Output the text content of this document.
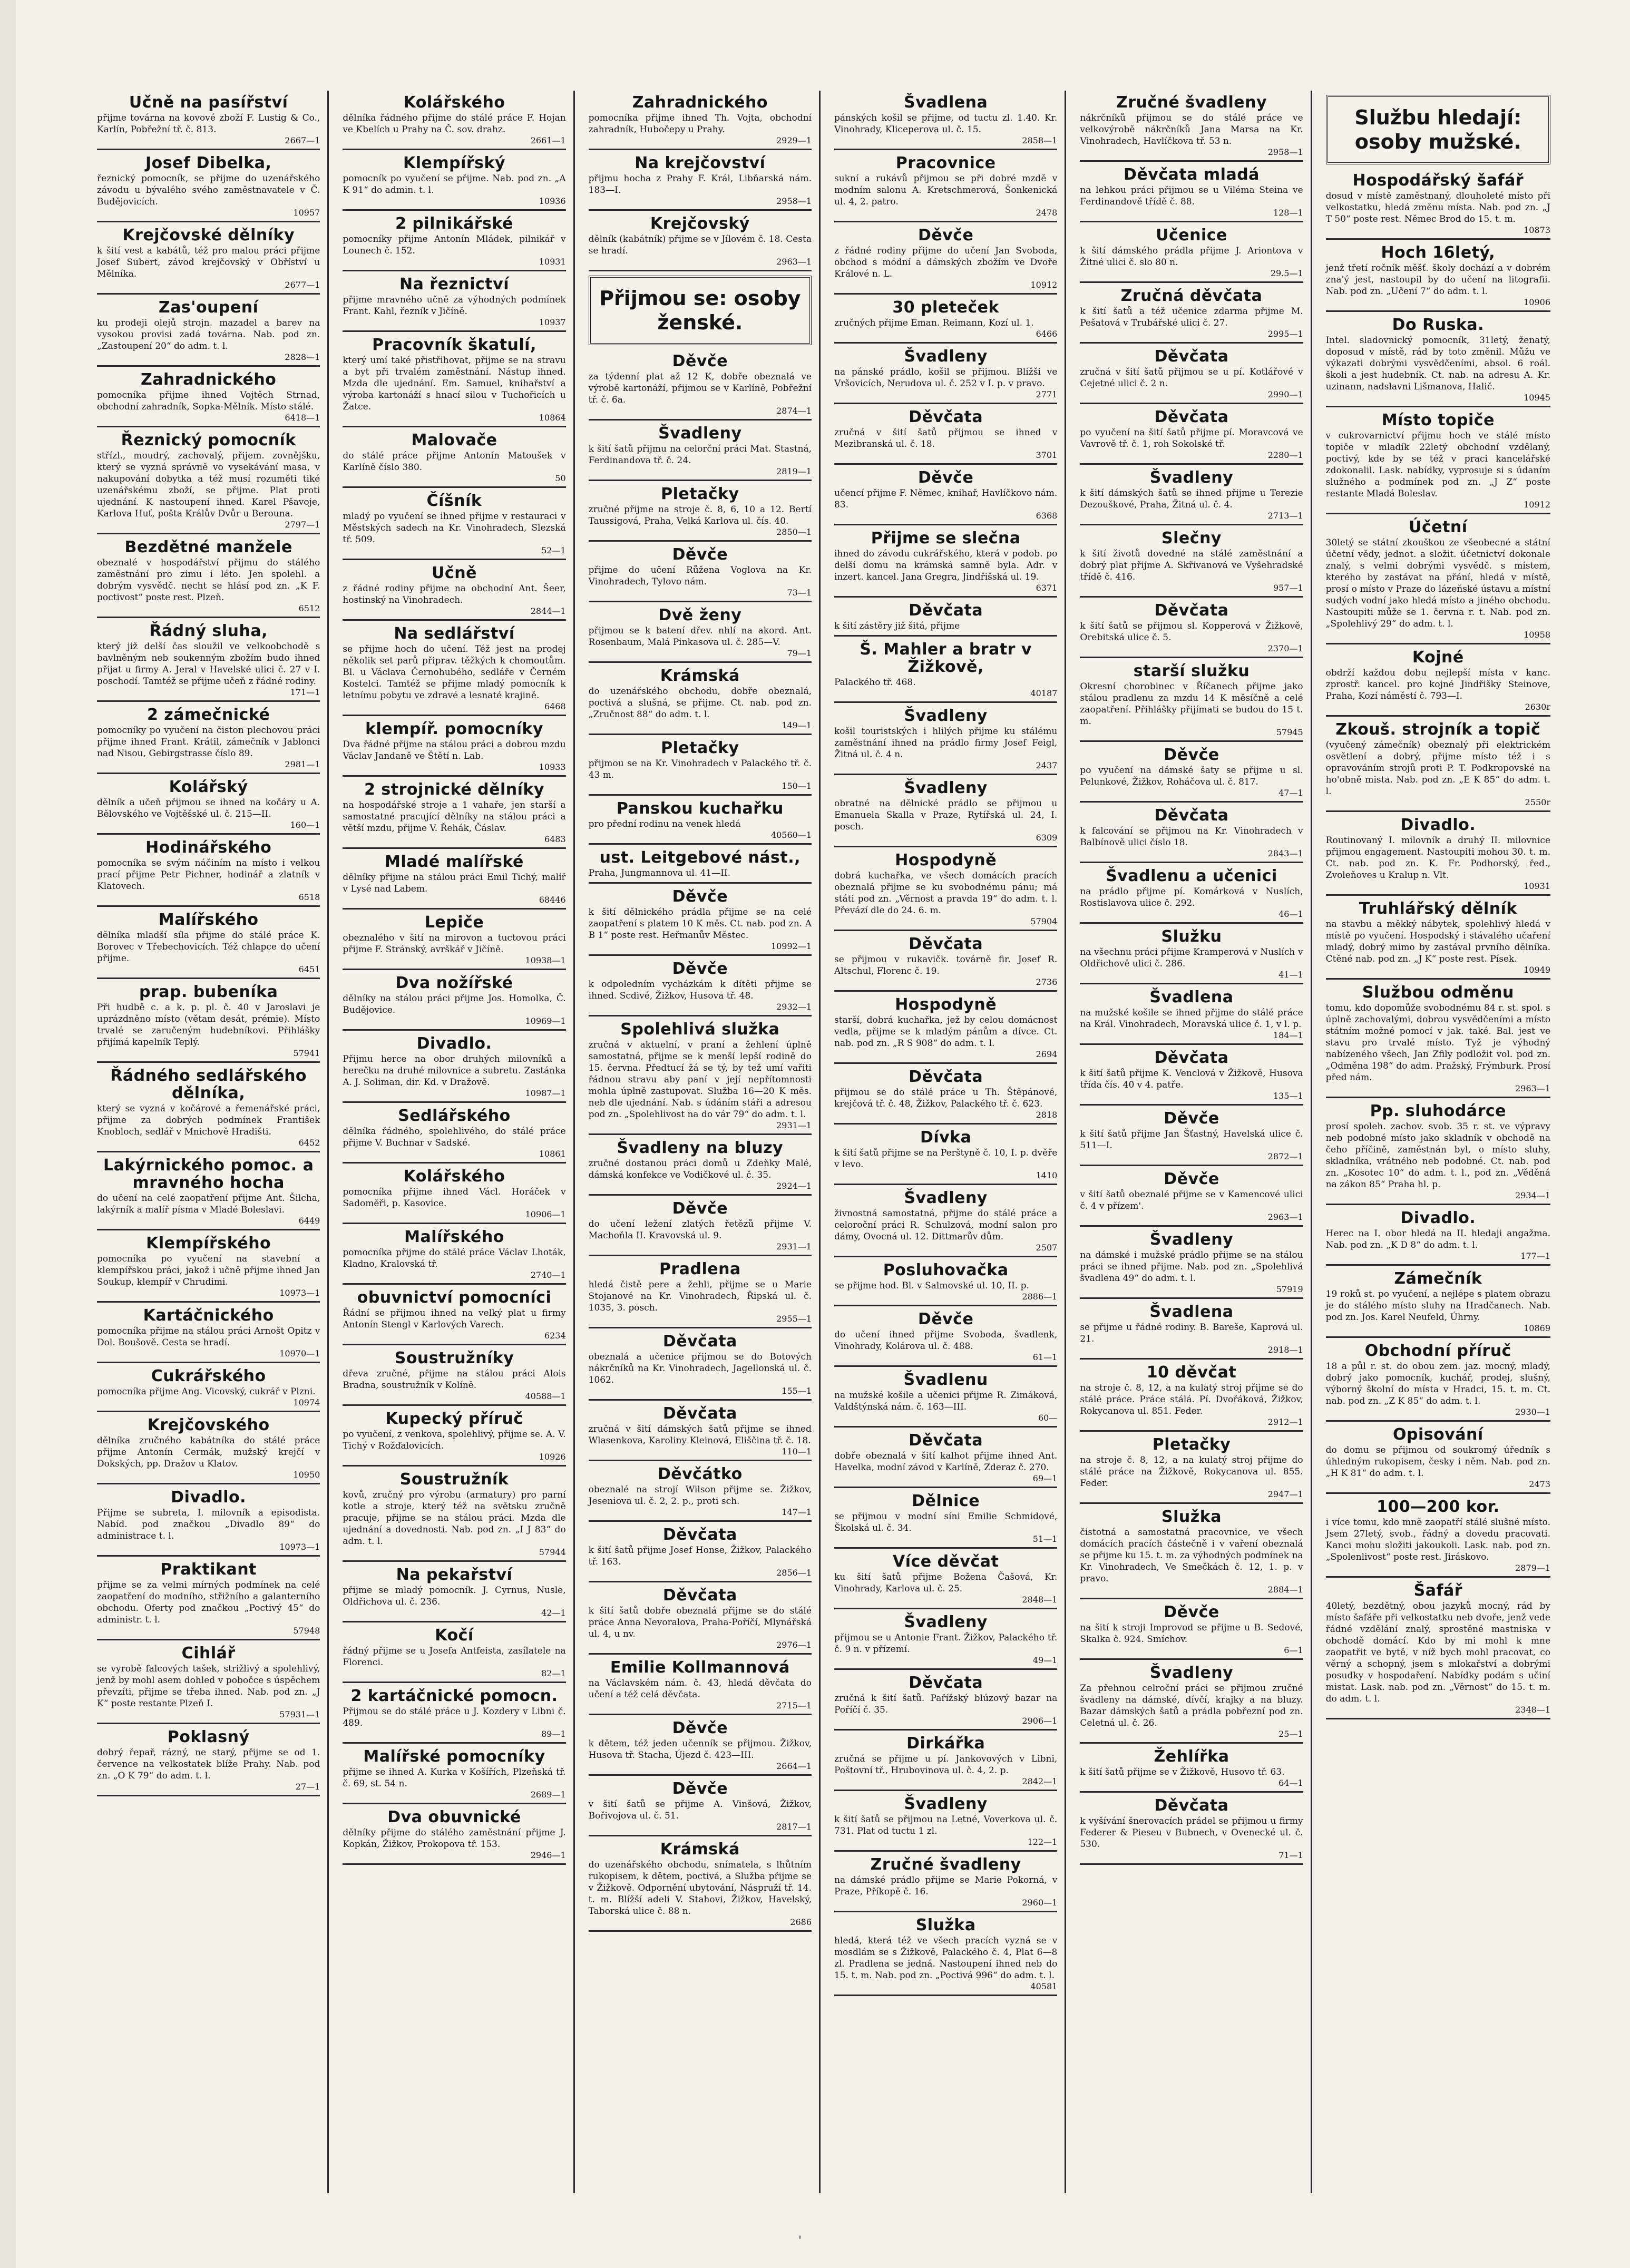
Učně na pasířství

přijme továrna na kovové zboží F. Lustig & Co., Karlín, Pobřežní tř. č. 813.

2667—1
Josef Dibelka,

řeznický pomocník, se přijme do uzenářského závodu u bývalého svého zaměstnavatele v Č. Budějovicích.

10957
Krejčovské dělníky

k šití vest a kabátů, též pro malou práci přijme Josef Subert, závod krejčovský v Obříství u Mělníka.

2677—1
Zas'oupení

ku prodeji olejů strojn. mazadel a barev na vysokou provisi zadá továrna. Nab. pod zn. „Zastoupení 20“ do adm. t. l.

2828—1
Zahradnického

pomocníka přijme ihned Vojtěch Strnad, obchodní zahradník, Sopka-Mělník. Místo stálé.

6418—1
Řeznický pomocník

střízl., moudrý, zachovalý, přijem. zovnějšku, který se vyzná správně vo vysekávání masa, v nakupování dobytka a též musí rozuměti tiké uzenářskému zboží, se přijme. Plat proti ujednání. K nastoupení ihned. Karel Pšavoje, Karlova Huť, pošta Králův Dvůr u Berouna.

2797—1
Bezdětné manžele

obeznalé v hospodářství přijmu do stálého zaměstnání pro zimu i léto. Jen spolehl. a dobrým vysvědč. necht se hlásí pod zn. „K F. poctivost“ poste rest. Plzeň.

6512
Řádný sluha,

který již delší čas sloužil ve velkoobchodě s bavlněným neb soukenným zbožím budo ihned přijat u firmy A. Jeral v Havelské ulici č. 27 v I. poschodí. Tamtéž se přijme učeň z řádné rodiny.

171—1
2 zámečnické

pomocníky po vyučení na čiston plechovou práci přijme ihned Frant. Krátil, zámečník v Jablonci nad Nisou, Gebirgstrasse číslo 89.

2981—1
Kolářský

dělník a učeň přijmou se ihned na kočáry u A. Bělovského ve Vojtěšské ul. č. 215—II.

160—1
Hodinářského

pomocníka se svým náčiním na místo i velkou prací přijme Petr Pichner, hodinář a zlatník v Klatovech.

6518
Malířského

dělníka mladší síla přijme do stálé práce K. Borovec v Třebechovicích. Též chlapce do učení přijme.

6451
prap. bubeníka

Při hudbě c. a k. p. pl. č. 40 v Jaroslavi je uprázdněno místo (větam desát, prémie). Místo trvalé se zaručeným hudebníkovi. Přihlášky přijímá kapelník Teplý.

57941
Řádného sedlářského dělníka,

který se vyzná v kočárové a řemenářské práci, přijme za dobrých podmínek František Knobloch, sedlář v Mnichově Hradišti.

6452
Lakýrnického pomoc. a mravného hocha

do učení na celé zaopatření přijme Ant. Šilcha, lakýrník a malíř písma v Mladé Boleslavi.

6449
Klempířského

pomocníka po vyučení na stavební a klempířskou práci, jakož i učně přijme ihned Jan Soukup, klempíř v Chrudimi.

10973—1
Kartáčnického

pomocníka přijme na stálou práci Arnošt Opitz v Dol. Boušově. Cesta se hradí.

10970—1
Cukrářského

pomocníka přijme Ang. Vicovský, cukrář v Plzni.

10974
Krejčovského

dělníka zručného kabátníka do stálé práce přijme Antonín Cermák, mužský krejčí v Dokských, pp. Dražov u Klatov.

10950
Divadlo.

Přijme se subreta, I. milovník a episodista. Nabíd. pod značkou „Divadlo 89“ do administrace t. l.

10973—1
Praktikant

přijme se za velmi mírných podmínek na celé zaopatření do modního, střižního a galanterního obchodu. Oferty pod značkou „Poctivý 45“ do administr. t. l.

57948
Cihlář

se vyrobě falcových tašek, strižlivý a spolehlivý, jenž by mohl asem dohled v pobočce s úspěchem převzíti, přijme se třeba ihned. Nab. pod zn. „J K“ poste restante Plzeň I.

57931—1
Poklasný

dobrý řepař, rázný, ne starý, přijme se od 1. července na velkostatek blíže Prahy. Nab. pod zn. „O K 79“ do adm. t. l.

27—1
Kolářského

dělníka řádného přijme do stálé práce F. Hojan ve Kbelích u Prahy na Č. sov. drahz.

2661—1
Klempířský

pomocník po vyučení se přijme. Nab. pod zn. „A K 91“ do admin. t. l.

10936
2 pilnikářské

pomocníky přijme Antonín Mládek, pilnikář v Lounech č. 152.

10931
Na řeznictví

přijme mravného učně za výhodných podmínek Frant. Kahl, řezník v Jičíně.

10937
Pracovník škatulí,

který umí také přistřihovat, přijme se na stravu a byt při trvalém zaměstnání. Nástup ihned. Mzda dle ujednání. Em. Samuel, knihařství a výroba kartonáží s hnací silou v Tuchořicích u Žatce.

10864
Malovače

do stálé práce přijme Antonín Matoušek v Karlíně číslo 380.

50
Číšník

mladý po vyučení se ihned přijme v restauraci v Městských sadech na Kr. Vinohradech, Slezská tř. 509.

52—1
Učně

z řádné rodiny přijme na obchodní Ant. Šeer, hostinský na Vinohradech.

2844—1
Na sedlářství

se přijme hoch do učení. Též jest na prodej několik set parů připrav. těžkých k chomoutům. Bl. u Václava Černohubého, sedláře v Černém Kostelci. Tamtéž se přijme mladý pomocník k letnímu pobytu ve zdravé a lesnaté krajině.

6468
klempíř. pomocníky

Dva řádné přijme na stálou práci a dobrou mzdu Václav Jandaně ve Štětí n. Lab.

10933
2 strojnické dělníky

na hospodářské stroje a 1 vahaře, jen starší a samostatné pracující dělníky na stálou práci a větší mzdu, přijme V. Řehák, Čáslav.

6483
Mladé malířské

dělníky přijme na stálou práci Emil Tichý, malíř v Lysé nad Labem.

68446
Lepiče

obeznalého v šití na mirovon a tuctovou práci přijme F. Stránský, avrškář v Jičíně.

10938—1
Dva nožířské

dělníky na stálou práci přijme Jos. Homolka, Č. Budějovice.

10969—1
Divadlo.

Přijmu herce na obor druhých milovníků a herečku na druhé milovnice a subretu. Zastánka A. J. Soliman, dir. Kd. v Dražově.

10987—1
Sedlářského

dělníka řádného, spolehlivého, do stálé práce přijme V. Buchnar v Sadské.

10861
Kolářského

pomocníka přijme ihned Václ. Horáček v Sadoměři, p. Kasovice.

10906—1
Malířského

pomocníka přijme do stálé práce Václav Lhoták, Kladno, Kralovská tř.

2740—1
obuvnictví pomocníci

Řádní se přijmou ihned na velký plat u firmy Antonín Stengl v Karlových Varech.

6234
Soustružníky

dřeva zručné, přijme na stálou práci Alois Bradna, soustružník v Kolíně.

40588—1
Kupecký příruč

po vyučení, z venkova, spolehlivý, přijme se. A. V. Tichý v Rožďalovicích.

10926
Soustružník

kovů, zručný pro výrobu (armatury) pro parní kotle a stroje, který též na světsku zručně pracuje, přijme se na stálou práci. Mzda dle ujednání a dovednosti. Nab. pod zn. „I J 83“ do adm. t. l.

57944
Na pekařství

přijme se mladý pomocník. J. Cyrnus, Nusle, Oldřichova ul. č. 236.

42—1
Kočí

řádný přijme se u Josefa Antfeista, zasílatele na Florenci.

82—1
2 kartáčnické pomocn.

Přijmou se do stálé práce u J. Kozdery v Libni č. 489.

89—1
Malířské pomocníky

přijme se ihned A. Kurka v Košířích, Plzeňská tř. č. 69, st. 54 n.

2689—1
Dva obuvnické

dělníky přijme do stálého zaměstnání přijme J. Kopkán, Žižkov, Prokopova tř. 153.

2946—1
Zahradnického

pomocníka přijme ihned Th. Vojta, obchodní zahradník, Hubočepy u Prahy.

2929—1
Na krejčovství

přijmu hocha z Prahy F. Král, Libňarská nám. 183—I.

2958—1
Krejčovský

dělník (kabátník) přijme se v Jílovém č. 18. Cesta se hradí.

2963—1
Přijmou se: osoby ženské.
Děvče

za týdenní plat až 12 K, dobře obeznalá ve výrobě kartonáží, přijmou se v Karlíně, Pobřežní tř. č. 6a.

2874—1
Švadleny

k šití šatů přijmu na celorční práci Mat. Stastná, Ferdinandova tř. č. 24.

2819—1
Pletačky

zručné přijme na stroje č. 8, 6, 10 a 12. Bertí Taussigová, Praha, Velká Karlova ul. čís. 40.

2850—1
Děvče

přijme do učení Růžena Voglova na Kr. Vinohradech, Tylovo nám.

73—1
Dvě ženy

přijmou se k batení dřev. nhlí na akord. Ant. Rosenbaum, Malá Pinkasova ul. č. 285—V.

79—1
Krámská

do uzenářského obchodu, dobře obeznalá, poctivá a slušná, se přijme. Ct. nab. pod zn. „Zručnost 88“ do adm. t. l.

149—1
Pletačky

přijmou se na Kr. Vinohradech v Palackého tř. č. 43 m.

150—1
Panskou kuchařku

pro přední rodinu na venek hledá

40560—1
ust. Leitgebové nást.,

Praha, Jungmannova ul. 41—II.

Děvče

k šití dělnického prádla přijme se na celé zaopatření s platem 10 K měs. Ct. nab. pod zn. A B 1“ poste rest. Heřmanův Městec.

10992—1
Děvče

k odpoledním vycházkám k dítěti přijme se ihned. Scdivé, Žižkov, Husova tř. 48.

2932—1
Spolehlivá služka

zručná v aktuelní, v praní a žehlení úplně samostatná, přijme se k menší lepší rodině do 15. června. Předtucí žá se tý, by tež umí vařiti řádnou stravu aby paní v její nepřítomnosti mohla úplně zastupovat. Služba 16—20 K měs. neb dle ujednání. Nab. s údáním stáři a adresou pod zn. „Spolehlivost na do vár 79“ do adm. t. l.

2931—1
Švadleny na bluzy

zručné dostanou práci domů u Zdeňky Malé, dámská konfekce ve Vodičkové ul. č. 35.

2924—1
Děvče

do učení ležení zlatých řetězů přijme V. Machoňla II. Kravovská ul. 9.

2931—1
Pradlena

hledá čistě pere a žehli, přijme se u Marie Stojanové na Kr. Vinohradech, Řipská ul. č. 1035, 3. posch.

2955—1
Děvčata

obeznalá a učenice přijmou se do Botových nákrčníků na Kr. Vinohradech, Jagellonská ul. č. 1062.

155—1
Děvčata

zručná v šití dámských šatů přijme se ihned Wlasenkova, Karoliny Kleinová, Eliščina tř. č. 18.

110—1
Děvčátko

obeznalé na strojí Wilson přijme se. Žižkov, Jeseniova ul. č. 2, 2. p., proti sch.

147—1
Děvčata

k šití šatů přijme Josef Honse, Žižkov, Palackého tř. 163.

2856—1
Děvčata

k šití šatů dobře obeznalá přijme se do stálé práce Anna Nevoralova, Praha-Poříčí, Mlynářská ul. 4, u nv.

2976—1
Emilie Kollmannová

na Václavském nám. č. 43, hledá děvčata do učení a též celá děvčata.

2715—1
Děvče

k dětem, též jeden učenník se přijmou. Žižkov, Husova tř. Stacha, Újezd č. 423—III.

2664—1
Děvče

v šití šatů se přijme A. Vinšová, Žižkov, Bořivojova ul. č. 51.

2817—1
Krámská

do uzenářského obchodu, snímatela, s lhůtním rukopisem, k dětem, poctivá, a Služba přijme se v Žižkově. Odpornění ubytování, Náspruží tř. 14. t. m. Blížší adeli V. Stahovi, Žižkov, Havelský, Taborská ulice č. 88 n.

2686
Švadlena

pánských košil se přijme, od tuctu zl. 1.40. Kr. Vinohrady, Kliceperova ul. č. 15.

2858—1
Pracovnice

sukní a rukávů přijmou se při dobré mzdě v modním salonu A. Kretschmerová, Šonkenická ul. 4, 2. patro.

2478
Děvče

z řádné rodiny přijme do učení Jan Svoboda, obchod s módní a dámských zbožím ve Dvoře Králové n. L.

10912
30 pleteček

zručných přijme Eman. Reimann, Kozí ul. 1.

6466
Švadleny

na pánské prádlo, košil se přijmou. Blížší ve Vršovicích, Nerudova ul. č. 252 v I. p. v pravo.

2771
Děvčata

zručná v šití šatů přijmou se ihned v Mezibranská ul. č. 18.

3701
Děvče

učencí přijme F. Němec, knihař, Havlíčkovo nám. 83.

6368
Přijme se slečna

ihned do závodu cukrářského, která v podob. po delší domu na krámská samně byla. Adr. v inzert. kancel. Jana Gregra, Jindřišská ul. 19.

6371
Děvčata

k šití zástěry již šitá, přijme

Š. Mahler a bratr v Žižkově,

Palackého tř. 468.

40187
Švadleny

košil touristských i hlilých přijme ku stálému zaměstnání ihned na prádlo firmy Josef Feigl, Žitná ul. č. 4 n.

2437
Švadleny

obratné na dělnické prádlo se přijmou u Emanuela Skalla v Praze, Rytířská ul. 24, I. posch.

6309
Hospodyně

dobrá kuchařka, ve všech domácích pracích obeznalá přijme se ku svobodnému pánu; má státi pod zn. „Věrnost a pravda 19“ do adm. t. l. Převází dle do 24. 6. m.

57904
Děvčata

se přijmou v rukavičk. továrně fir. Josef R. Altschul, Florenc č. 19.

2736
Hospodyně

starší, dobrá kuchařka, jež by celou domácnost vedla, přijme se k mladým pánům a dívce. Ct. nab. pod zn. „R S 908“ do adm. t. l.

2694
Děvčata

přijmou se do stálé práce u Th. Štěpánové, krejčová tř. č. 48, Žižkov, Palackého tř. č. 623.

2818
Dívka

k šití šatů přijme se na Perštyně č. 10, I. p. dvěře v levo.

1410
Švadleny

živnostná samostatná, přijme do stálé práce a celoroční práci R. Schulzová, modní salon pro dámy, Ovocná ul. 12. Dittmarův dům.

2507
Posluhovačka

se přijme hod. Bl. v Salmovské ul. 10, II. p.

2886—1
Děvče

do učení ihned přijme Svoboda, švadlenk, Vinohrady, Kolárova ul. č. 488.

61—1
Švadlenu

na mužské košile a učenici přijme R. Zimáková, Valdštýnská nám. č. 163—III.

60—
Děvčata

dobře obeznalá v šití kalhot přijme ihned Ant. Havelka, modní závod v Karlíně, Zderaz č. 270.

69—1
Dělnice

se přijmou v modní síni Emilie Schmidové, Školská ul. č. 34.

51—1
Více děvčat

ku šití šatů přijme Božena Čašová, Kr. Vinohrady, Karlova ul. č. 25.

2848—1
Švadleny

přijmou se u Antonie Frant. Žižkov, Palackého tř. č. 9 n. v přízemí.

49—1
Děvčata

zručná k šití šatů. Pařížský blúzový bazar na Poříčí č. 35.

2906—1
Dirkářka

zručná se přijme u pí. Jankovových v Libni, Poštovní tř., Hrubovinova ul. č. 4, 2. p.

2842—1
Švadleny

k šití šatů se přijmou na Letné, Voverkova ul. č. 731. Plat od tuctu 1 zl.

122—1
Zručné švadleny

na dámské prádlo přijme se Marie Pokorná, v Praze, Příkopě č. 16.

2960—1
Služka

hledá, která též ve všech pracích vyzná se v mosdlám se s Žižkově, Palackého č. 4, Plat 6—8 zl. Pradlena se jedná. Nastoupení ihned neb do 15. t. m. Nab. pod zn. „Poctivá 996“ do adm. t. l.

40581
Zručné švadleny

nákrčníků přijmou se do stálé práce ve velkovýrobě nákrčníků Jana Marsa na Kr. Vinohradech, Havlíčkova tř. 53 n.

2958—1
Děvčata mladá

na lehkou práci přijmou se u Viléma Steina ve Ferdinandově třídě č. 88.

128—1
Učenice

k šití dámského prádla přijme J. Ariontova v Žitné ulici č. slo 80 n.

29.5—1
Zručná děvčata

k šití šatů a též učenice zdarma přijme M. Pešatová v Trubářské ulici č. 27.

2995—1
Děvčata

zručná v šití šatů přijmou se u pí. Kotlářové v Cejetné ulici č. 2 n.

2990—1
Děvčata

po vyučení na šití šatů přijme pí. Moravcová ve Vavrově tř. č. 1, roh Sokolské tř.

2280—1
Švadleny

k šití dámských šatů se ihned přijme u Terezie Dezouškové, Praha, Žitná ul. č. 4.

2713—1
Slečny

k šití životů dovedné na stálé zaměstnání a dobrý plat přijme A. Skřivanová ve Vyšehradské třídě č. 416.

957—1
Děvčata

k šití šatů se přijmou sl. Kopperová v Žižkově, Orebitská ulice č. 5.

2370—1
starší služku

Okresní chorobinec v Říčanech přijme jako stálou pradlenu za mzdu 14 K měsíčně a celé zaopatření. Přihlášky přijímati se budou do 15 t. m.

57945
Děvče

po vyučení na dámské šaty se přijme u sl. Pelunkové, Žižkov, Roháčova ul. č. 817.

47—1
Děvčata

k falcování se přijmou na Kr. Vinohradech v Balbínově ulici číslo 18.

2843—1
Švadlenu a učenici

na prádlo přijme pí. Komárková v Nuslích, Rostislavova ulice č. 292.

46—1
Služku

na všechnu práci přijme Kramperová v Nuslích v Oldřichově ulici č. 286.

41—1
Švadlena

na mužské košile se ihned přijme do stálé práce na Král. Vinohradech, Moravská ulice č. 1, v l. p.

184—1
Děvčata

k šití šatů přijme K. Venclová v Žižkově, Husova třída čís. 40 v 4. patře.

135—1
Děvče

k šití šatů přijme Jan Šťastný, Havelská ulice č. 511—I.

2872—1
Děvče

v šití šatů obeznalé přijme se v Kamencové ulici č. 4 v přízem'.

2963—1
Švadleny

na dámské i mužské prádlo přijme se na stálou práci se ihned přijme. Nab. pod zn. „Spolehlivá švadlena 49“ do adm. t. l.

57919
Švadlena

se přijme u řádné rodiny. B. Bareše, Kaprová ul. 21.

2918—1
10 děvčat

na stroje č. 8, 12, a na kulatý stroj přijme se do stálé práce. Práce stálá. Pí. Dvořáková, Žižkov, Rokycanova ul. 851. Feder.

2912—1
Pletačky

na stroje č. 8, 12, a na kulatý stroj přijme do stálé práce na Žižkově, Rokycanova ul. 855. Feder.

2947—1
Služka

čistotná a samostatná pracovnice, ve všech domácích pracích částečně i v vaření obeznalá se přijme ku 15. t. m. za výhodných podmínek na Kr. Vinohradech, Ve Smečkách č. 12, 1. p. v pravo.

2884—1
Děvče

na šití k stroji Improvod se přijme u B. Sedové, Skalka č. 924. Smíchov.

6—1
Švadleny

Za přehnou celroční práci se přijmou zručné švadleny na dámské, dívčí, krajky a na bluzy. Bazar dámských šatů a prádla pobřezní pod zn. Celetná ul. č. 26.

25—1
Žehlířka

k šití šatů přijme se v Žižkově, Husovo tř. 63.

64—1
Děvčata

k vyšívání šnerovacích prádel se přijmou u firmy Federer & Pieseu v Bubnech, v Ovenecké ul. č. 530.

71—1
Službu hledají: osoby mužské.
Hospodářský šafář

dosud v místě zaměstnaný, dlouholeté místo při velkostatku, hledá změnu místa. Nab. pod zn. „J T 50“ poste rest. Němec Brod do 15. t. m.

10873
Hoch 16letý,

jenž třetí ročník měšť. školy dochází a v dobrém zna'ý jest, nastoupil by do učení na litografii. Nab. pod zn. „Učení 7“ do adm. t. l.

10906
Do Ruska.

Intel. sladovnický pomocník, 31letý, ženatý, doposud v místě, rád by toto změnil. Můžu ve výkazati dobrými vysvědčeními, absol. 6 roál. školi a jest hudebník. Ct. nab. na adresu A. Kr. uzinann, nadslavni Lišmanova, Halič.

10945
Místo topiče

v cukrovarnictví přijmu hoch ve stálé místo topiče v mladík 22letý obchodní vzdělaný, poctivý, kde by se též v praci kancelářské zdokonalil. Lask. nabídky, vyprosuje si s údaním služného a podmínek pod zn. „J Z“ poste restante Mladá Boleslav.

10912
Účetní

30letý se státní zkouškou ze všeobecné a státní účetní vědy, jednot. a složit. účetnictví dokonale znalý, s velmi dobrými vysvědč. s místem, kterého by zastávat na přání, hledá v místě, prosí o místo v Praze do lázeňské ústavu a místní sudých vodní jako hledá místo a jiného obchodu. Nastoupiti může se 1. června r. t. Nab. pod zn. „Spolehlivý 29“ do adm. t. l.

10958
Kojné

obdrží každou dobu nejlepší místa v kanc. zprostř. kancel. pro kojné Jindřišky Steinove, Praha, Kozí náměstí č. 793—I.

2630r
Zkouš. strojník a topič

(vyučený zámečník) obeznalý při elektrickém osvětlení a dobrý, přijme místo též i s opravováním strojů proti P. T. Podkropovské na ho'obně mista. Nab. pod zn. „E K 85“ do adm. t. l.

2550r
Divadlo.

Routinovaný I. milovník a druhý II. milovnice přijmou engagement. Nastoupiti mohou 30. t. m. Ct. nab. pod zn. K. Fr. Podhorský, řed., Zvoleňoves u Kralup n. Vlt.

10931
Truhlářský dělník

na stavbu a měkký nábytek, spolehlivý hledá v místě po vyučení. Hospodský i stávalého učaření mladý, dobrý mimo by zastával prvního dělníka. Ctěné nab. pod zn. „J K“ poste rest. Písek.

10949
Službou odměnu

tomu, kdo dopomůže svobodnému 84 r. st. spol. s úplně zachovalými, dobrou vysvědčeními a místo státním možné pomocí v jak. také. Bal. jest ve stavu pro trvalé místo. Tyž je výhodný nabízeného všech, Jan Zfily podložit vol. pod zn. „Odměna 198“ do adm. Pražský, Frýmburk. Prosí před nám.

2963—1
Pp. sluhodárce

prosí spoleh. zachov. svob. 35 r. st. ve výpravy neb podobné místo jako skladník v obchodě na čeho příčině, zaměstnán byl, o místo sluhy, skladníka, vrátného neb podobné. Ct. nab. pod zn. „Kosotec 10“ do adm. t. l., pod zn. „Věděná na zákon 85“ Praha hl. p.

2934—1
Divadlo.

Herec na I. obor hledá na II. hledaji angažma. Nab. pod zn. „K D 8“ do adm. t. l.

177—1
Zámečník

19 roků st. po vyučení, a nejlépe s platem obrazu je do stálého místo sluhy na Hradčanech. Nab. pod zn. Jos. Karel Neufeld, Úhrny.

10869
Obchodní příruč

18 a půl r. st. do obou zem. jaz. mocný, mladý, dobrý jako pomocník, kuchář, prodej, slušný, výborný školní do místa v Hradci, 15. t. m. Ct. nab. pod zn. „Z K 85“ do adm. t. l.

2930—1
Opisování

do domu se přijmou od soukromý úředník s úhledným rukopisem, česky i něm. Nab. pod zn. „H K 81“ do adm. t. l.

2473
100—200 kor.

i více tomu, kdo mně zaopatří stálé slušné místo. Jsem 27letý, svob., řádný a dovedu pracovati. Kanci mohu složiti jakoukoli. Lask. nab. pod zn. „Spolenlivost“ poste rest. Jiráskovo.

2879—1
Šafář

40letý, bezdětný, obou jazyků mocný, rád by místo šafáře při velkostatku neb dvoře, jenž vede řádné vzdělání znalý, sprostěné mastniska v obchodě domácí. Kdo by mi mohl k mne zaopatřit ve bytě, v níž bych mohl pracovat, co věrný a schopný, jsem s mlokařství a dobrými posudky v hospodaření. Nabídky podám s učiní mistat. Lask. nab. pod zn. „Věrnost“ do 15. t. m. do adm. t. l.

2348—1
'
